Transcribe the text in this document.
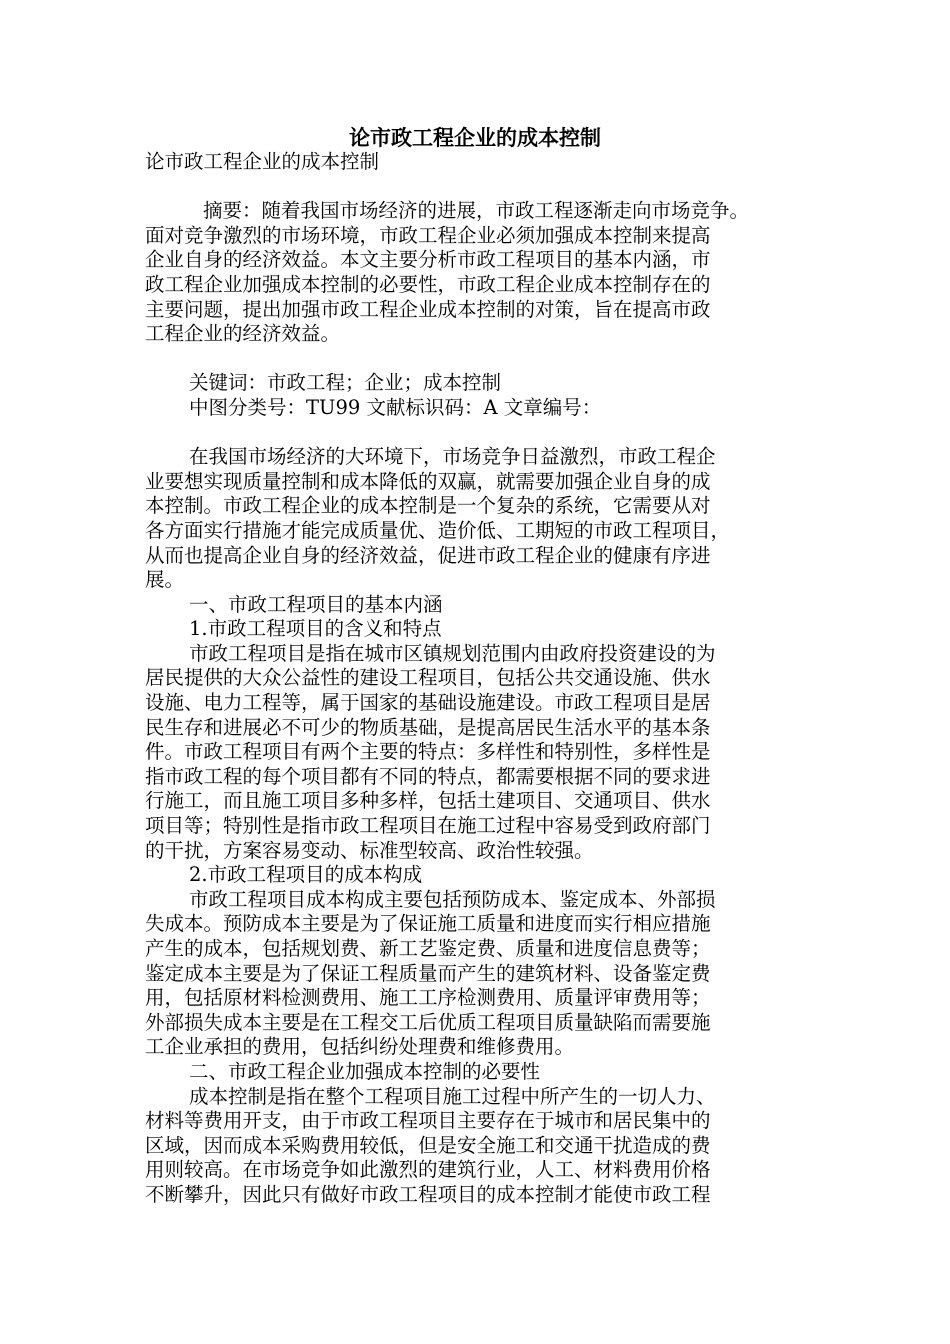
论市政工程企业的成本控制
论市政工程企业的成本控制
摘要：随着我国市场经济的进展，市政工程逐渐走向市场竞争。
面对竞争激烈的市场环境，市政工程企业必须加强成本控制来提高
企业自身的经济效益。本文主要分析市政工程项目的基本内涵，市
政工程企业加强成本控制的必要性，市政工程企业成本控制存在的
主要问题，提出加强市政工程企业成本控制的对策，旨在提高市政
工程企业的经济效益。
关键词：市政工程；企业；成本控制
中图分类号：TU99 文献标识码：A 文章编号：
在我国市场经济的大环境下，市场竞争日益激烈，市政工程企
业要想实现质量控制和成本降低的双赢，就需要加强企业自身的成
本控制。市政工程企业的成本控制是一个复杂的系统，它需要从对
各方面实行措施才能完成质量优、造价低、工期短的市政工程项目，
从而也提高企业自身的经济效益，促进市政工程企业的健康有序进
展。
一、市政工程项目的基本内涵
1.市政工程项目的含义和特点
市政工程项目是指在城市区镇规划范围内由政府投资建设的为
居民提供的大众公益性的建设工程项目，包括公共交通设施、供水
设施、电力工程等，属于国家的基础设施建设。市政工程项目是居
民生存和进展必不可少的物质基础，是提高居民生活水平的基本条
件。市政工程项目有两个主要的特点：多样性和特别性，多样性是
指市政工程的每个项目都有不同的特点，都需要根据不同的要求进
行施工，而且施工项目多种多样，包括土建项目、交通项目、供水
项目等；特别性是指市政工程项目在施工过程中容易受到政府部门
的干扰，方案容易变动、标准型较高、政治性较强。
2.市政工程项目的成本构成
市政工程项目成本构成主要包括预防成本、鉴定成本、外部损
失成本。预防成本主要是为了保证施工质量和进度而实行相应措施
产生的成本，包括规划费、新工艺鉴定费、质量和进度信息费等；
鉴定成本主要是为了保证工程质量而产生的建筑材料、设备鉴定费
用，包括原材料检测费用、施工工序检测费用、质量评审费用等；
外部损失成本主要是在工程交工后优质工程项目质量缺陷而需要施
工企业承担的费用，包括纠纷处理费和维修费用。
二、市政工程企业加强成本控制的必要性
成本控制是指在整个工程项目施工过程中所产生的一切人力、
材料等费用开支，由于市政工程项目主要存在于城市和居民集中的
区域，因而成本采购费用较低，但是安全施工和交通干扰造成的费
用则较高。在市场竞争如此激烈的建筑行业，人工、材料费用价格
不断攀升，因此只有做好市政工程项目的成本控制才能使市政工程
